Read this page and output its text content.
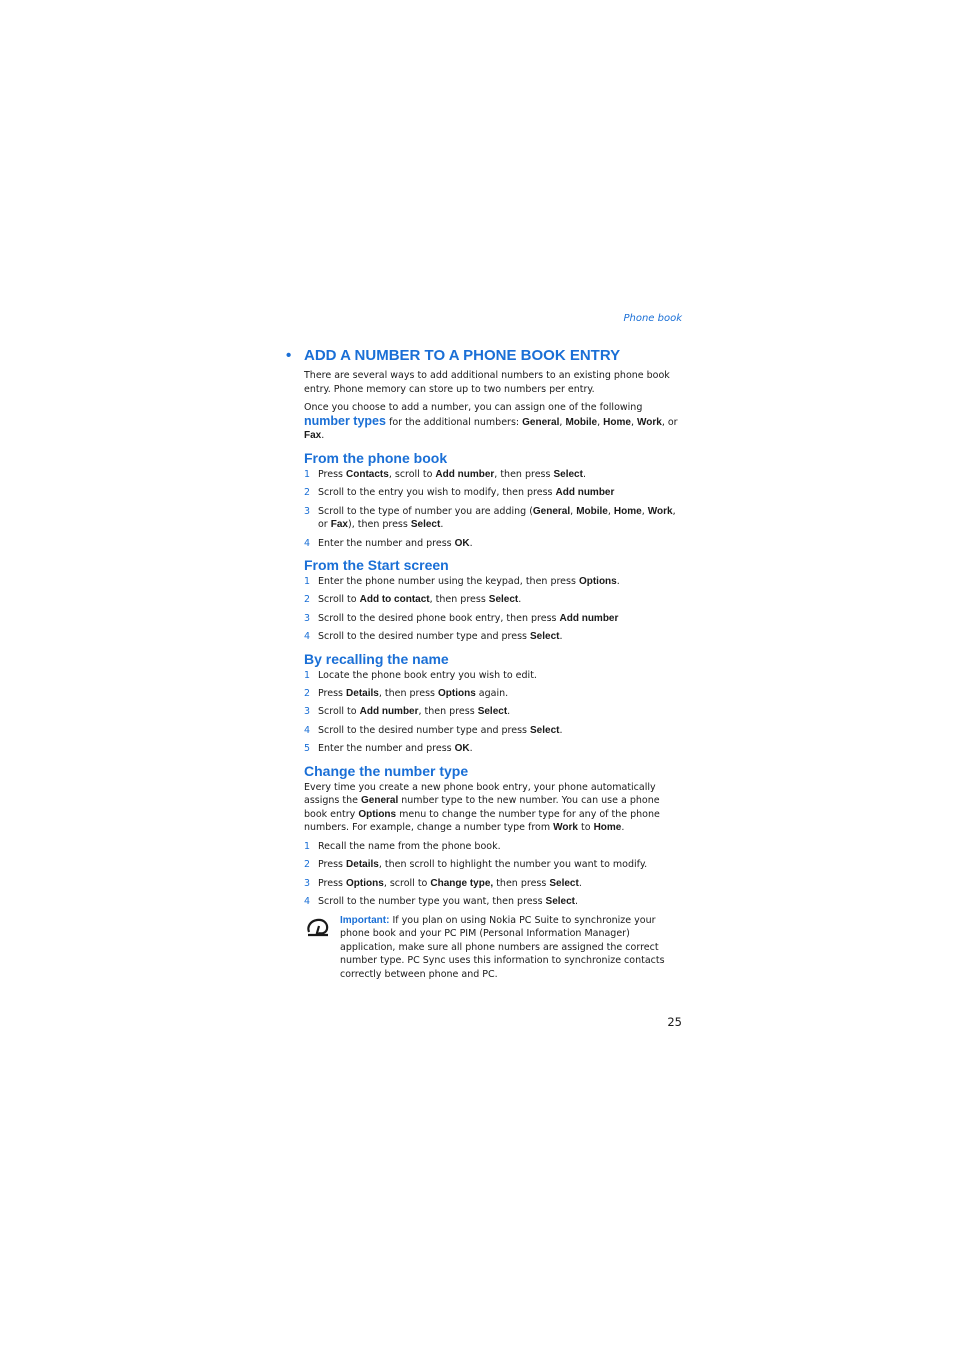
Phone book
• ADD A NUMBER TO A PHONE BOOK ENTRY

There are several ways to add additional numbers to an existing phone book entry. Phone memory can store up to two numbers per entry.

Once you choose to add a number, you can assign one of the following number types for the additional numbers: General, Mobile, Home, Work, or Fax.

From the phone book
1 Press Contacts, scroll to Add number, then press Select.
2 Scroll to the entry you wish to modify, then press Add number
3 Scroll to the type of number you are adding (General, Mobile, Home, Work, or Fax), then press Select.
4 Enter the number and press OK.
From the Start screen
1 Enter the phone number using the keypad, then press Options.
2 Scroll to Add to contact, then press Select.
3 Scroll to the desired phone book entry, then press Add number
4 Scroll to the desired number type and press Select.
By recalling the name
1 Locate the phone book entry you wish to edit.
2 Press Details, then press Options again.
3 Scroll to Add number, then press Select.
4 Scroll to the desired number type and press Select.
5 Enter the number and press OK.
Change the number type

Every time you create a new phone book entry, your phone automatically assigns the General number type to the new number. You can use a phone book entry Options menu to change the number type for any of the phone numbers. For example, change a number type from Work to Home.

1 Recall the name from the phone book.
2 Press Details, then scroll to highlight the number you want to modify.
3 Press Options, scroll to Change type, then press Select.
4 Scroll to the number type you want, then press Select.
Important: If you plan on using Nokia PC Suite to synchronize your phone book and your PC PIM (Personal Information Manager) application, make sure all phone numbers are assigned the correct number type. PC Sync uses this information to synchronize contacts correctly between phone and PC.
25
